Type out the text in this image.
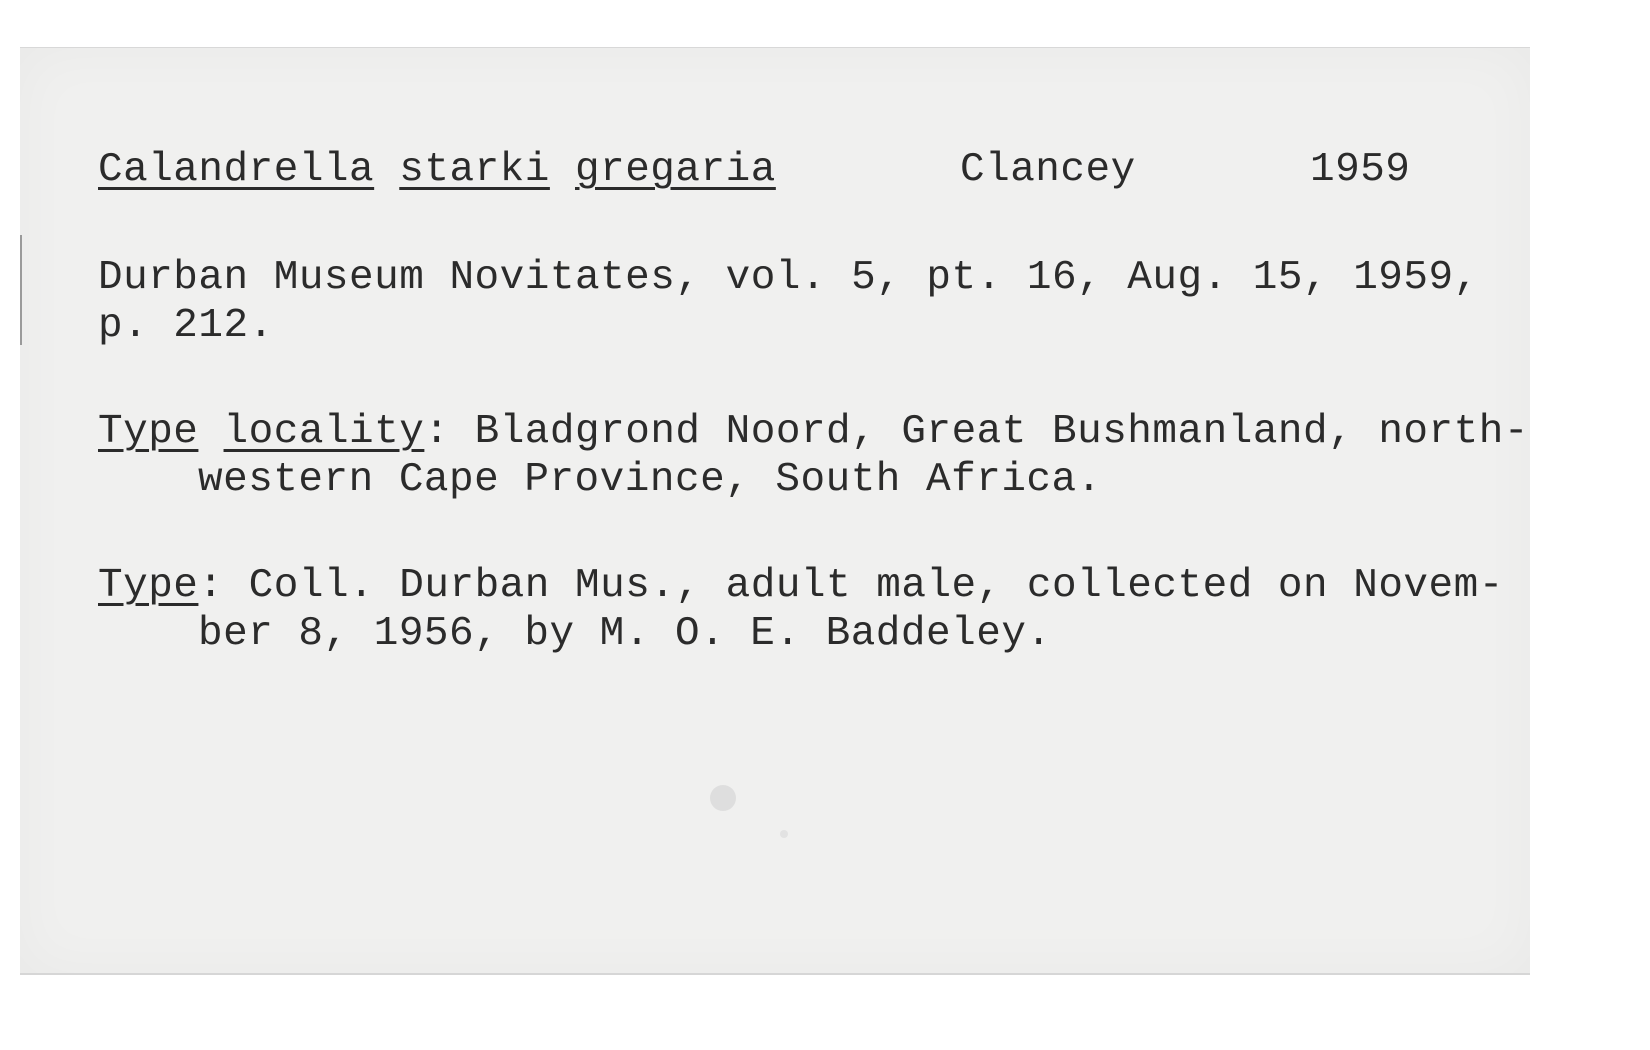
Calandrella starki gregaria	Clancey	1959
Durban Museum Novitates, vol. 5, pt. 16, Aug. 15, 1959,
p. 212.
Type locality: Bladgrond Noord, Great Bushmanland, north-
western Cape Province, South Africa.
Type: Coll. Durban Mus., adult male, collected on Novem-
ber 8, 1956, by M. O. E. Baddeley.
